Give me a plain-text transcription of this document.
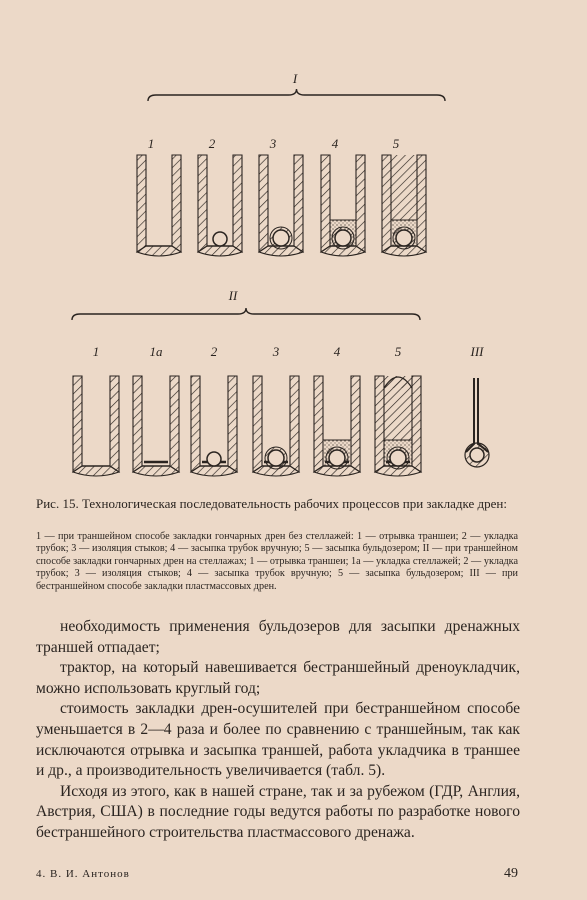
I
1	2	3	4	5
II
1	1а	2	3	4	5	III
Рис. 15. Технологическая последовательность рабочих процессов при закладке дрен:
1 — при траншейном способе закладки гончарных дрен без стеллажей: 1 — отрывка траншеи; 2 — укладка трубок; 3 — изоляция стыков; 4 — засыпка трубок вручную; 5 — засыпка бульдозером; II — при траншейном способе закладки гончарных дрен на стеллажах; 1 — отрывка траншеи; 1а — укладка стеллажей; 2 — укладка трубок; 3 — изоляция стыков; 4 — засыпка трубок вручную; 5 — засыпка бульдозером; III — при бестраншейном способе закладки пластмассовых дрен.

необходимость применения бульдозеров для засыпки дренажных траншей отпадает;

трактор, на который навешивается бестраншейный дреноукладчик, можно использовать круглый год;

стоимость закладки дрен-осушителей при бестраншейном способе уменьшается в 2—4 раза и более по сравнению с траншейным, так как исключаются отрывка и засыпка траншей, работа укладчика в траншее и др., а производительность увеличивается (табл. 5).

Исходя из этого, как в нашей стране, так и за рубежом (ГДР, Англия, Австрия, США) в последние годы ведутся работы по разработке нового бестраншейного строительства пластмассового дренажа.

4. В. И. Антонов	49
